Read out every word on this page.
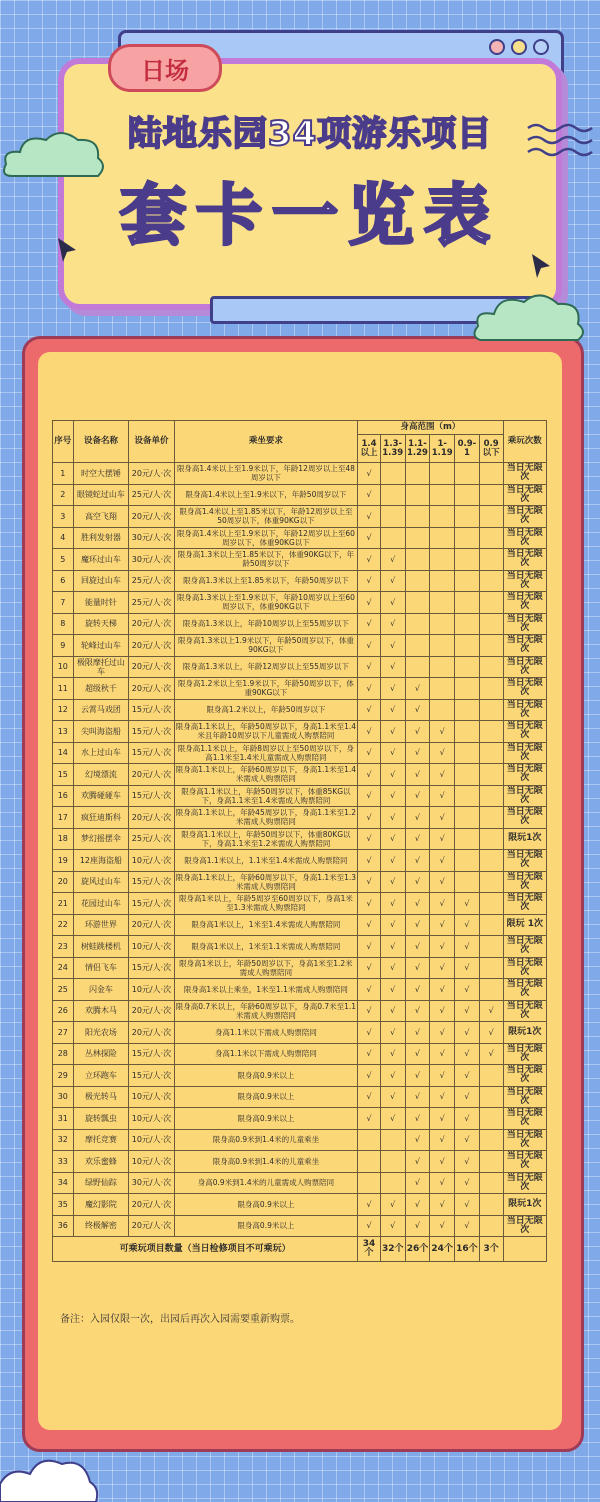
日场
陆地乐园34项游乐项目
套卡一览表
序号	设备名称	设备单价	乘坐要求	身高范围（m）						乘玩次数
				1.4 以上	1.3- 1.39	1.1- 1.29	1- 1.19	0.9- 1	0.9 以下	
1	时空大摆锤	20元/人·次	限身高1.4米以上至1.9米以下，年龄12周岁以上至48周岁以下	√						当日无限次
2	眼镜蛇过山车	25元/人·次	限身高1.4米以上至1.9米以下，年龄50周岁以下	√						当日无限次
3	高空飞翔	20元/人·次	限身高1.4米以上至1.85米以下，年龄12周岁以上至50周岁以下，体重90KG以下	√						当日无限次
4	胜利发射器	30元/人·次	限身高1.4米以上至1.9米以下，年龄12周岁以上至60周岁以下，体重90KG以下	√						当日无限次
5	魔环过山车	30元/人·次	限身高1.3米以上至1.85米以下，体重90KG以下，年龄50周岁以下	√	√					当日无限次
6	回旋过山车	25元/人·次	限身高1.3米以上至1.85米以下，年龄50周岁以下	√	√					当日无限次
7	能量时针	25元/人·次	限身高1.3米以上至1.9米以下，年龄10周岁以上至60周岁以下，体重90KG以下	√	√					当日无限次
8	旋转天梯	20元/人·次	限身高1.3米以上，年龄10周岁以上至55周岁以下	√	√					当日无限次
9	轮峰过山车	20元/人·次	限身高1.3米以上1.9米以下，年龄50周岁以下，体重90KG以下	√	√					当日无限次
10	极限摩托过山车	20元/人·次	限身高1.3米以上，年龄12周岁以上至55周岁以下	√	√					当日无限次
11	超级秋千	20元/人·次	限身高1.2米以上至1.9米以下，年龄50周岁以下，体重90KG以下	√	√	√				当日无限次
12	云霄马戏团	15元/人·次	限身高1.2米以上，年龄50周岁以下	√	√	√				当日无限次
13	尖叫海盗船	15元/人·次	限身高1.1米以上，年龄50周岁以下，身高1.1米至1.4米且年龄10周岁以下儿童需成人购票陪同	√	√	√	√			当日无限次
14	水上过山车	15元/人·次	限身高1.1米以上，年龄8周岁以上至50周岁以下，身高1.1米至1.4米儿童需成人购票陪同	√	√	√	√			当日无限次
15	幻境漂流	20元/人·次	限身高1.1米以上，年龄60周岁以下，身高1.1米至1.4米需成人购票陪同	√	√	√	√			当日无限次
16	欢腾碰碰车	15元/人·次	限身高1.1米以上，年龄50周岁以下，体重85KG以下，身高1.1米至1.4米需成人购票陪同	√	√	√	√			当日无限次
17	疯狂迪斯科	20元/人·次	限身高1.1米以上，年龄45周岁以下，身高1.1米至1.2米需成人购票陪同	√	√	√	√			当日无限次
18	梦幻摇摆伞	25元/人·次	限身高1.1米以上，年龄50周岁以下，体重80KG以下，身高1.1米至1.2米需成人购票陪同	√	√	√	√			限玩1次
19	12座海盗船	10元/人·次	限身高1.1米以上，1.1米至1.4米需成人购票陪同	√	√	√	√			当日无限次
20	旋风过山车	15元/人·次	限身高1.1米以上，年龄60周岁以下，身高1.1米至1.3米需成人购票陪同	√	√	√	√			当日无限次
21	花园过山车	15元/人·次	限身高1米以上，年龄5周岁至60周岁以下，身高1米至1.3米需成人购票陪同	√	√	√	√	√		当日无限次
22	环游世界	20元/人·次	限身高1米以上，1米至1.4米需成人购票陪同	√	√	√	√	√		限玩 1次
23	树蛙跳楼机	10元/人·次	限身高1米以上，1米至1.1米需成人购票陪同	√	√	√	√	√		当日无限次
24	情侣飞车	15元/人·次	限身高1米以上，年龄50周岁以下，身高1米至1.2米需成人购票陪同	√	√	√	√	√		当日无限次
25	闪金车	10元/人·次	限身高1米以上乘坐，1米至1.1米需成人购票陪同	√	√	√	√	√		当日无限次
26	欢腾木马	20元/人·次	限身高0.7米以上，年龄60周岁以下，身高0.7米至1.1米需成人购票陪同	√	√	√	√	√	√	当日无限次
27	阳光农场	20元/人·次	身高1.1米以下需成人购票陪同	√	√	√	√	√	√	限玩1次
28	丛林探险	15元/人·次	身高1.1米以下需成人购票陪同	√	√	√	√	√	√	当日无限次
29	立环跑车	15元/人·次	限身高0.9米以上	√	√	√	√	√		当日无限次
30	极光转马	10元/人·次	限身高0.9米以上	√	√	√	√	√		当日无限次
31	旋转瓢虫	10元/人·次	限身高0.9米以上	√	√	√	√	√		当日无限次
32	摩托竞赛	10元/人·次	限身高0.9米到1.4米的儿童乘坐			√	√	√		当日无限次
33	欢乐蜜蜂	10元/人·次	限身高0.9米到1.4米的儿童乘坐			√	√	√		当日无限次
34	绿野仙踪	30元/人·次	身高0.9米到1.4米的儿童需成人购票陪同			√	√	√		当日无限次
35	魔幻影院	20元/人·次	限身高0.9米以上	√	√	√	√	√		限玩1次
36	终极解密	20元/人·次	限身高0.9米以上	√	√	√	√	√		当日无限次
可乘玩项目数量（当日检修项目不可乘玩）				34个	32个	26个	24个	16个	3个	
备注：入园仅限一次，出园后再次入园需要重新购票。
